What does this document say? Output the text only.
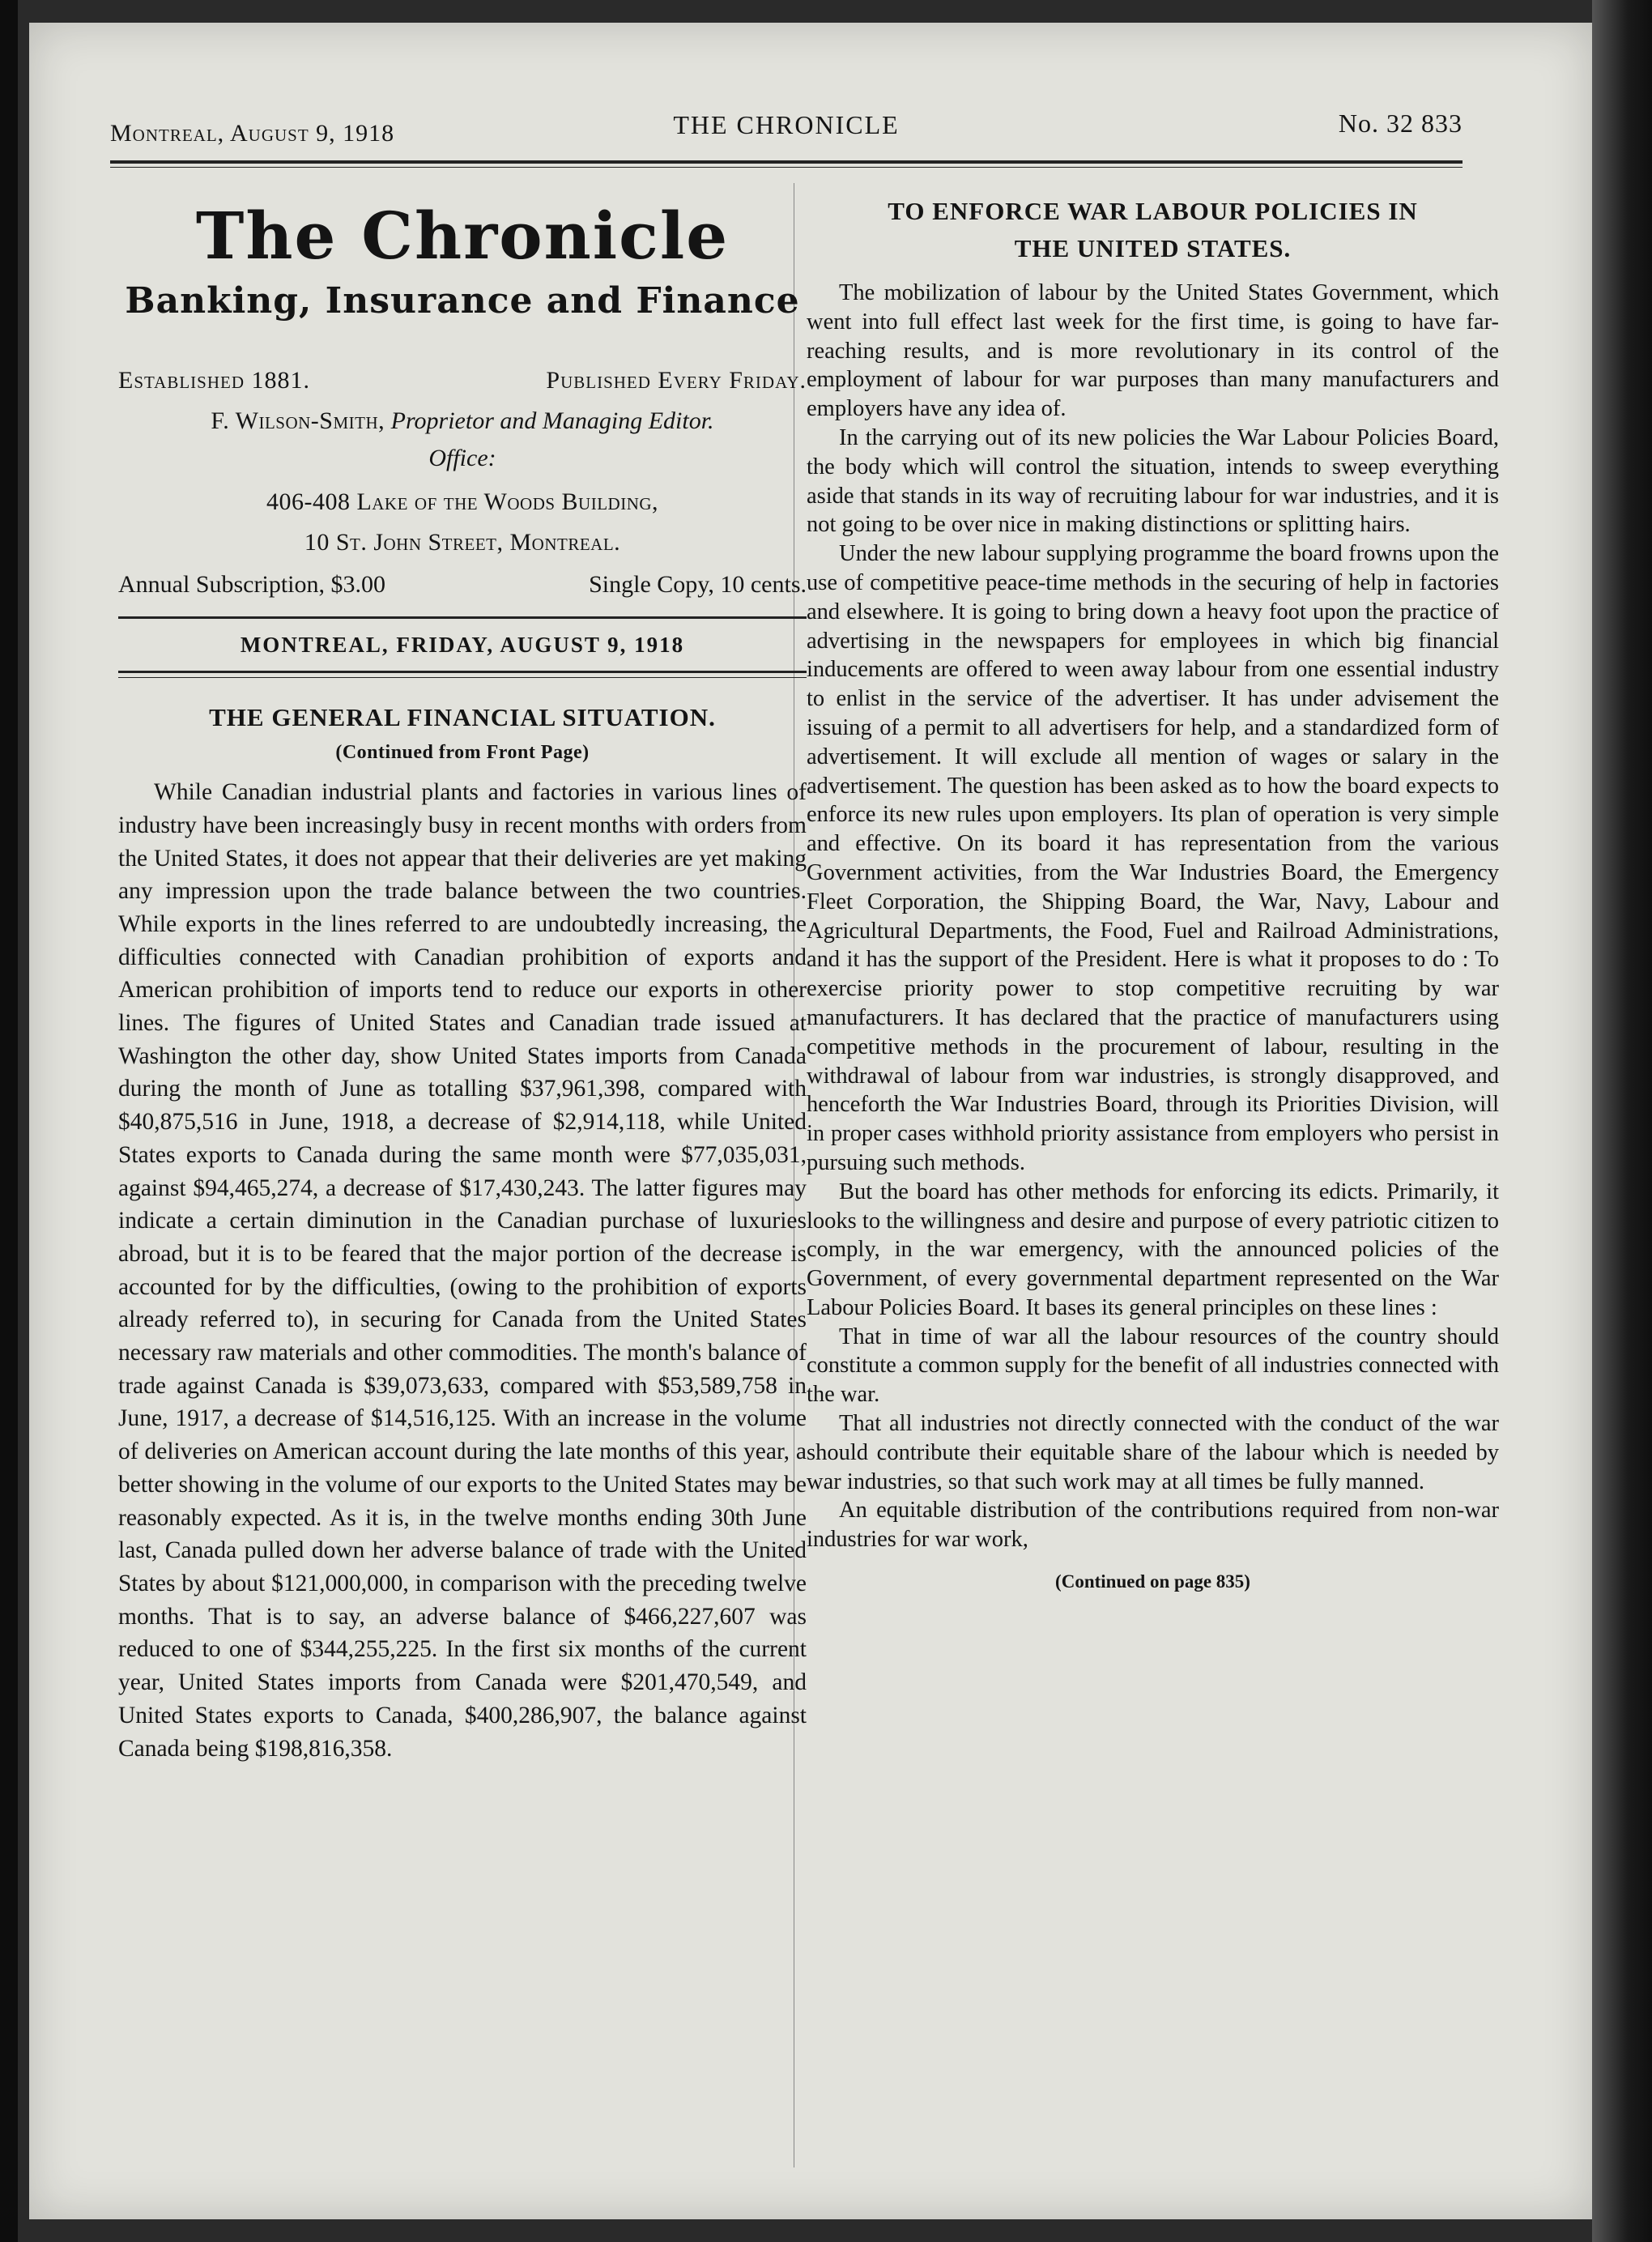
Montreal, August 9, 1918	THE CHRONICLE	No. 32 833
The Chronicle
Banking, Insurance and Finance
Established 1881.	Published Every Friday.
F. Wilson-Smith, Proprietor and Managing Editor.
Office:
406-408 Lake of the Woods Building,
10 St. John Street, Montreal.
Annual Subscription, $3.00	Single Copy, 10 cents.
MONTREAL, FRIDAY, AUGUST 9, 1918
THE GENERAL FINANCIAL SITUATION.
(Continued from Front Page)

While Canadian industrial plants and factories in various lines of industry have been increasingly busy in recent months with orders from the United States, it does not appear that their deliveries are yet making any impression upon the trade balance between the two countries. While exports in the lines referred to are undoubtedly increasing, the difficulties connected with Canadian prohibition of exports and American prohibition of imports tend to reduce our exports in other lines. The figures of United States and Canadian trade issued at Washington the other day, show United States imports from Canada during the month of June as totalling $37,961,398, compared with $40,875,516 in June, 1918, a decrease of $2,914,118, while United States exports to Canada during the same month were $77,035,031, against $94,465,274, a decrease of $17,430,243. The latter figures may indicate a certain diminution in the Canadian purchase of luxuries abroad, but it is to be feared that the major portion of the decrease is accounted for by the difficulties, (owing to the prohibition of exports already referred to), in securing for Canada from the United States necessary raw materials and other commodities. The month's balance of trade against Canada is $39,073,633, compared with $53,589,758 in June, 1917, a decrease of $14,516,125. With an increase in the volume of deliveries on American account during the late months of this year, a better showing in the volume of our exports to the United States may be reasonably expected. As it is, in the twelve months ending 30th June last, Canada pulled down her adverse balance of trade with the United States by about $121,000,000, in comparison with the preceding twelve months. That is to say, an adverse balance of $466,227,607 was reduced to one of $344,255,225. In the first six months of the current year, United States imports from Canada were $201,470,549, and United States exports to Canada, $400,286,907, the balance against Canada being $198,816,358.

TO ENFORCE WAR LABOUR POLICIES IN
THE UNITED STATES.

The mobilization of labour by the United States Government, which went into full effect last week for the first time, is going to have far-reaching results, and is more revolutionary in its control of the employment of labour for war purposes than many manufacturers and employers have any idea of.

In the carrying out of its new policies the War Labour Policies Board, the body which will control the situation, intends to sweep everything aside that stands in its way of recruiting labour for war industries, and it is not going to be over nice in making distinctions or splitting hairs.

Under the new labour supplying programme the board frowns upon the use of competitive peace-time methods in the securing of help in factories and elsewhere. It is going to bring down a heavy foot upon the practice of advertising in the newspapers for employees in which big financial inducements are offered to ween away labour from one essential industry to enlist in the service of the advertiser. It has under advisement the issuing of a permit to all advertisers for help, and a standardized form of advertisement. It will exclude all mention of wages or salary in the advertisement. The question has been asked as to how the board expects to enforce its new rules upon employers. Its plan of operation is very simple and effective. On its board it has representation from the various Government activities, from the War Industries Board, the Emergency Fleet Corporation, the Shipping Board, the War, Navy, Labour and Agricultural Departments, the Food, Fuel and Railroad Administrations, and it has the support of the President. Here is what it proposes to do : To exercise priority power to stop competitive recruiting by war manufacturers. It has declared that the practice of manufacturers using competitive methods in the procurement of labour, resulting in the withdrawal of labour from war industries, is strongly disapproved, and henceforth the War Industries Board, through its Priorities Division, will in proper cases withhold priority assistance from employers who persist in pursuing such methods.

But the board has other methods for enforcing its edicts. Primarily, it looks to the willingness and desire and purpose of every patriotic citizen to comply, in the war emergency, with the announced policies of the Government, of every governmental department represented on the War Labour Policies Board. It bases its general principles on these lines :

That in time of war all the labour resources of the country should constitute a common supply for the benefit of all industries connected with the war.

That all industries not directly connected with the conduct of the war should contribute their equitable share of the labour which is needed by war industries, so that such work may at all times be fully manned.

An equitable distribution of the contributions required from non-war industries for war work,

(Continued on page 835)
